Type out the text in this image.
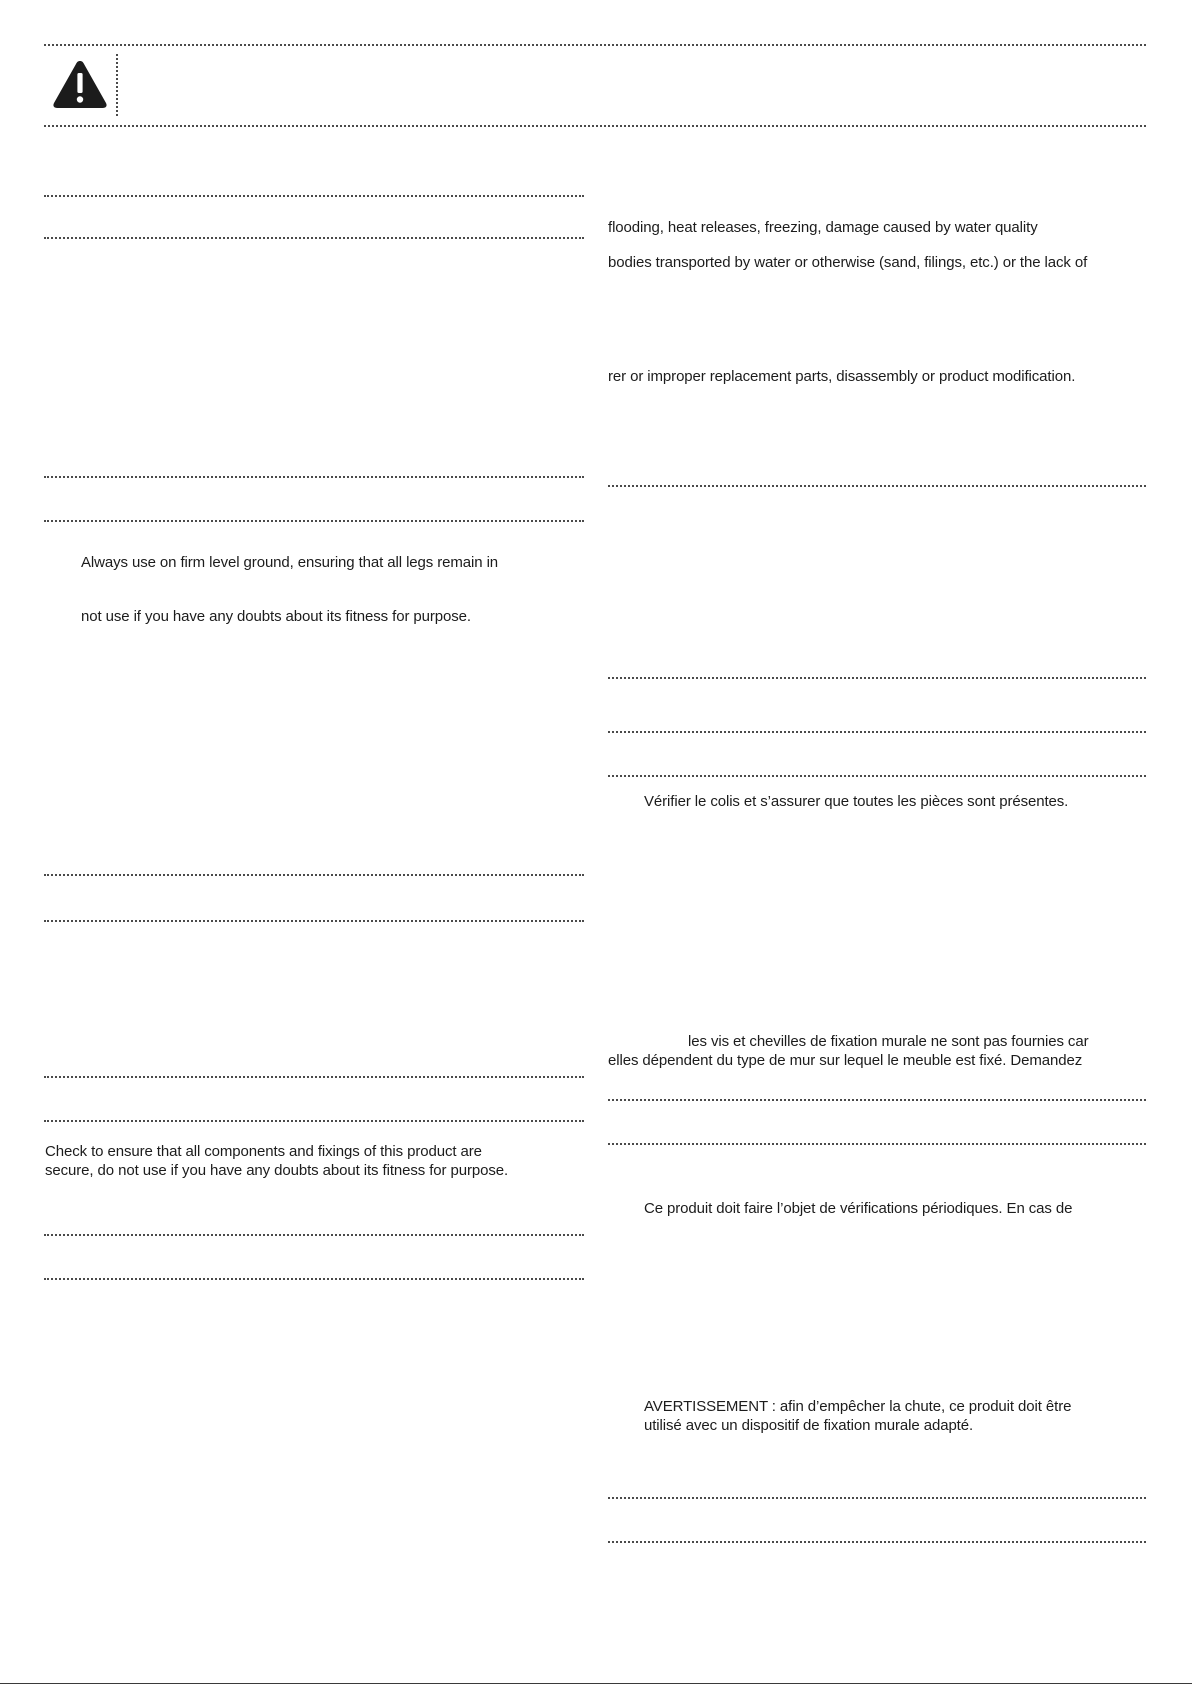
Always use on firm level ground, ensuring that all legs remain in
not use if you have any doubts about its fitness for purpose.
Check to ensure that all components and fixings of this product are
secure, do not use if you have any doubts about its fitness for purpose.
flooding, heat releases, freezing, damage caused by water quality
bodies transported by water or otherwise (sand, filings, etc.) or the lack of
rer or improper replacement parts, disassembly or product modification.
Vérifier le colis et s’assurer que toutes les pièces sont présentes.
les vis et chevilles de fixation murale ne sont pas fournies car
elles dépendent du type de mur sur lequel le meuble est fixé. Demandez
Ce produit doit faire l’objet de vérifications périodiques. En cas de
AVERTISSEMENT : afin d’empêcher la chute, ce produit doit être
utilisé avec un dispositif de fixation murale adapté.
